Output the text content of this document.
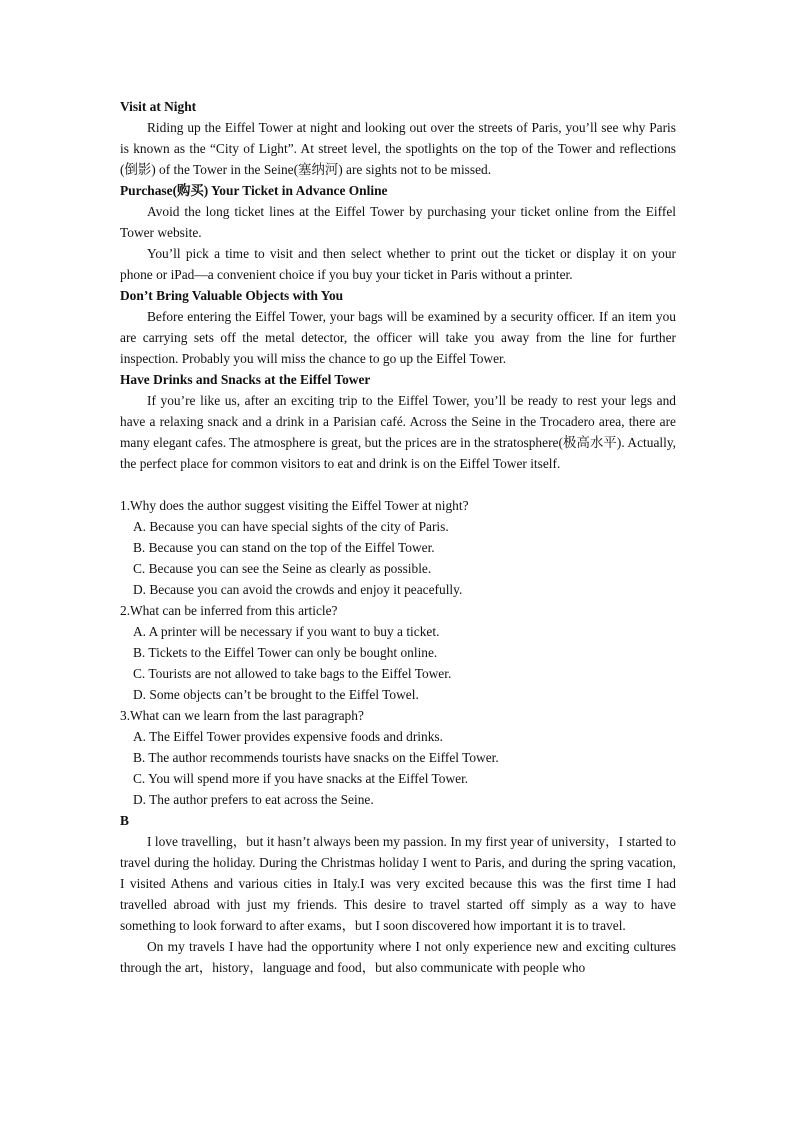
Visit at Night

Riding up the Eiffel Tower at night and looking out over the streets of Paris, you’ll see why Paris is known as the “City of Light”. At street level, the spotlights on the top of the Tower and reflections (倒影) of the Tower in the Seine(塞纳河) are sights not to be missed.

Purchase(购买) Your Ticket in Advance Online

Avoid the long ticket lines at the Eiffel Tower by purchasing your ticket online from the Eiffel Tower website.

You’ll pick a time to visit and then select whether to print out the ticket or display it on your phone or iPad—a convenient choice if you buy your ticket in Paris without a printer.

Don’t Bring Valuable Objects with You

Before entering the Eiffel Tower, your bags will be examined by a security officer. If an item you are carrying sets off the metal detector, the officer will take you away from the line for further inspection. Probably you will miss the chance to go up the Eiffel Tower.

Have Drinks and Snacks at the Eiffel Tower

If you’re like us, after an exciting trip to the Eiffel Tower, you’ll be ready to rest your legs and have a relaxing snack and a drink in a Parisian café. Across the Seine in the Trocadero area, there are many elegant cafes. The atmosphere is great, but the prices are in the stratosphere(极高水平). Actually, the perfect place for common visitors to eat and drink is on the Eiffel Tower itself.

1.Why does the author suggest visiting the Eiffel Tower at night?

A. Because you can have special sights of the city of Paris.
B. Because you can stand on the top of the Eiffel Tower.
C. Because you can see the Seine as clearly as possible.
D. Because you can avoid the crowds and enjoy it peacefully.

2.What can be inferred from this article?

A. A printer will be necessary if you want to buy a ticket.
B. Tickets to the Eiffel Tower can only be bought online.
C. Tourists are not allowed to take bags to the Eiffel Tower.
D. Some objects can’t be brought to the Eiffel Towel.

3.What can we learn from the last paragraph?

A. The Eiffel Tower provides expensive foods and drinks.
B. The author recommends tourists have snacks on the Eiffel Tower.
C. You will spend more if you have snacks at the Eiffel Tower.
D. The author prefers to eat across the Seine.

B

I love travelling，but it hasn’t always been my passion. In my first year of university，I started to travel during the holiday. During the Christmas holiday I went to Paris, and during the spring vacation, I visited Athens and various cities in Italy.I was very excited because this was the first time I had travelled abroad with just my friends. This desire to travel started off simply as a way to have something to look forward to after exams，but I soon discovered how important it is to travel.

On my travels I have had the opportunity where I not only experience new and exciting cultures through the art，history，language and food，but also communicate with people who
